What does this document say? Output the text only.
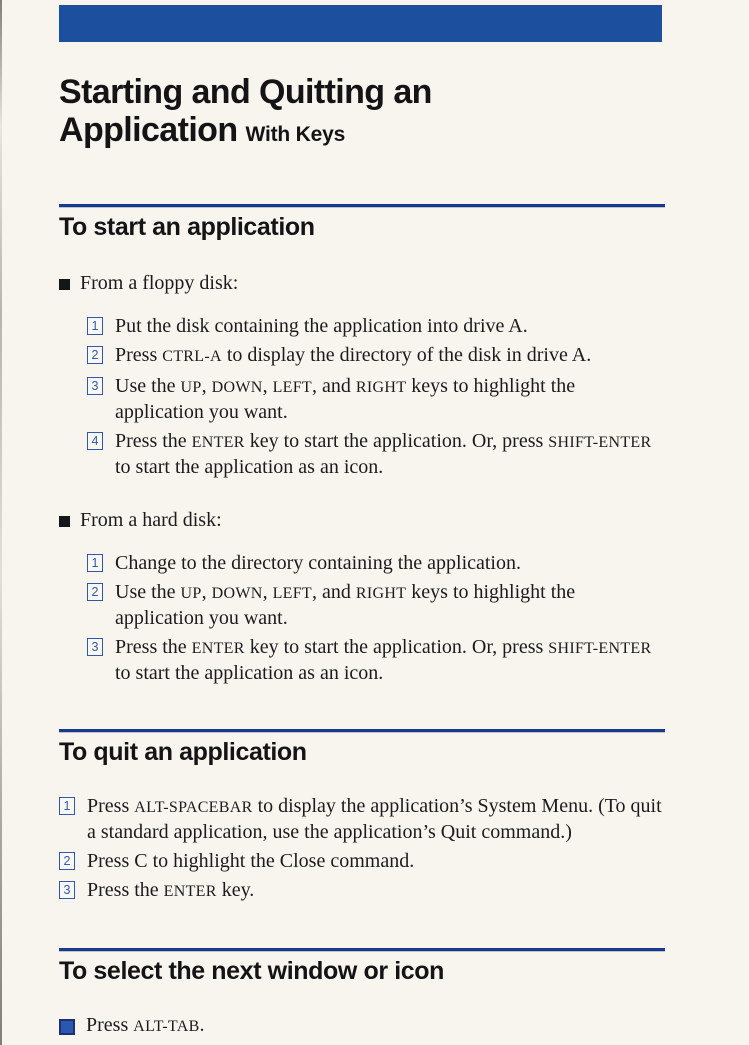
Starting and Quitting an
Application With Keys
To start an application
From a floppy disk:
1 Put the disk containing the application into drive A.
2 Press CTRL-A to display the directory of the disk in drive A.
3 Use the UP, DOWN, LEFT, and RIGHT keys to highlight the application you want.
4 Press the ENTER key to start the application. Or, press SHIFT-ENTER to start the application as an icon.
From a hard disk:
1 Change to the directory containing the application.
2 Use the UP, DOWN, LEFT, and RIGHT keys to highlight the application you want.
3 Press the ENTER key to start the application. Or, press SHIFT-ENTER to start the application as an icon.
To quit an application
1 Press ALT-SPACEBAR to display the application’s System Menu. (To quit a standard application, use the application’s Quit command.)
2 Press C to highlight the Close command.
3 Press the ENTER key.
To select the next window or icon
Press ALT-TAB.
